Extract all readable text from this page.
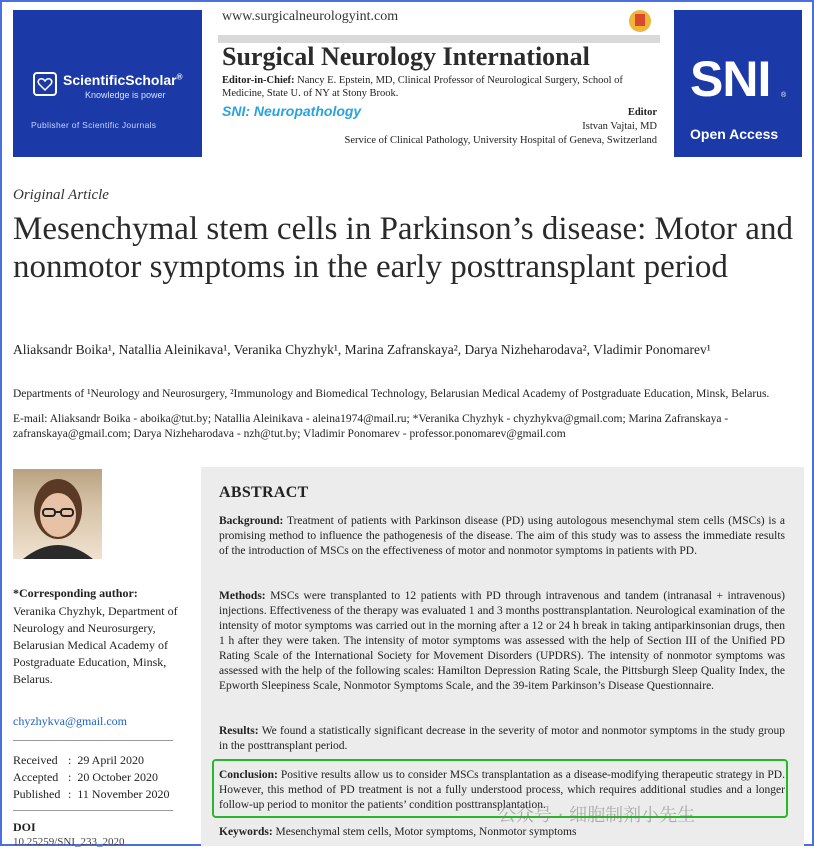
ScientificScholar®
Knowledge is power
Publisher of Scientific Journals
www.surgicalneurologyint.com
Surgical Neurology International
Editor-in-Chief: Nancy E. Epstein, MD, Clinical Professor of Neurological Surgery, School of Medicine, State U. of NY at Stony Brook.
SNI: Neuropathology	Editor
Istvan Vajtai, MD
Service of Clinical Pathology, University Hospital of Geneva, Switzerland
SNI ®
Open Access
Original Article
Mesenchymal stem cells in Parkinson’s disease: Motor and nonmotor symptoms in the early posttransplant period
Aliaksandr Boika¹, Natallia Aleinikava¹, Veranika Chyzhyk¹, Marina Zafranskaya², Darya Nizheharodava², Vladimir Ponomarev¹
Departments of ¹Neurology and Neurosurgery, ²Immunology and Biomedical Technology, Belarusian Medical Academy of Postgraduate Education, Minsk, Belarus.
E-mail: Aliaksandr Boika - aboika@tut.by; Natallia Aleinikava - aleina1974@mail.ru; *Veranika Chyzhyk - chyzhykva@gmail.com; Marina Zafranskaya - zafranskaya@gmail.com; Darya Nizheharodava - nzh@tut.by; Vladimir Ponomarev - professor.ponomarev@gmail.com
*Corresponding author:
Veranika Chyzhyk, Department of Neurology and Neurosurgery, Belarusian Medical Academy of Postgraduate Education, Minsk, Belarus.
chyzhykva@gmail.com
Received :  29 April 2020
Accepted :  20 October 2020
Published :  11 November 2020
DOI
10.25259/SNI_233_2020
ABSTRACT
Background: Treatment of patients with Parkinson disease (PD) using autologous mesenchymal stem cells (MSCs) is a promising method to influence the pathogenesis of the disease. The aim of this study was to assess the immediate results of the introduction of MSCs on the effectiveness of motor and nonmotor symptoms in patients with PD.
Methods: MSCs were transplanted to 12 patients with PD through intravenous and tandem (intranasal + intravenous) injections. Effectiveness of the therapy was evaluated 1 and 3 months posttransplantation. Neurological examination of the intensity of motor symptoms was carried out in the morning after a 12 or 24 h break in taking antiparkinsonian drugs, then 1 h after they were taken. The intensity of motor symptoms was assessed with the help of Section III of the Unified PD Rating Scale of the International Society for Movement Disorders (UPDRS). The intensity of nonmotor symptoms was assessed with the help of the following scales: Hamilton Depression Rating Scale, the Pittsburgh Sleep Quality Index, the Epworth Sleepiness Scale, Nonmotor Symptoms Scale, and the 39-item Parkinson’s Disease Questionnaire.
Results: We found a statistically significant decrease in the severity of motor and nonmotor symptoms in the study group in the posttransplant period.
Conclusion: Positive results allow us to consider MSCs transplantation as a disease-modifying therapeutic strategy in PD. However, this method of PD treatment is not a fully understood process, which requires additional studies and a longer follow-up period to monitor the patients’ condition posttransplantation.
Keywords: Mesenchymal stem cells, Motor symptoms, Nonmotor symptoms
公众号 · 细胞制剂小先生
